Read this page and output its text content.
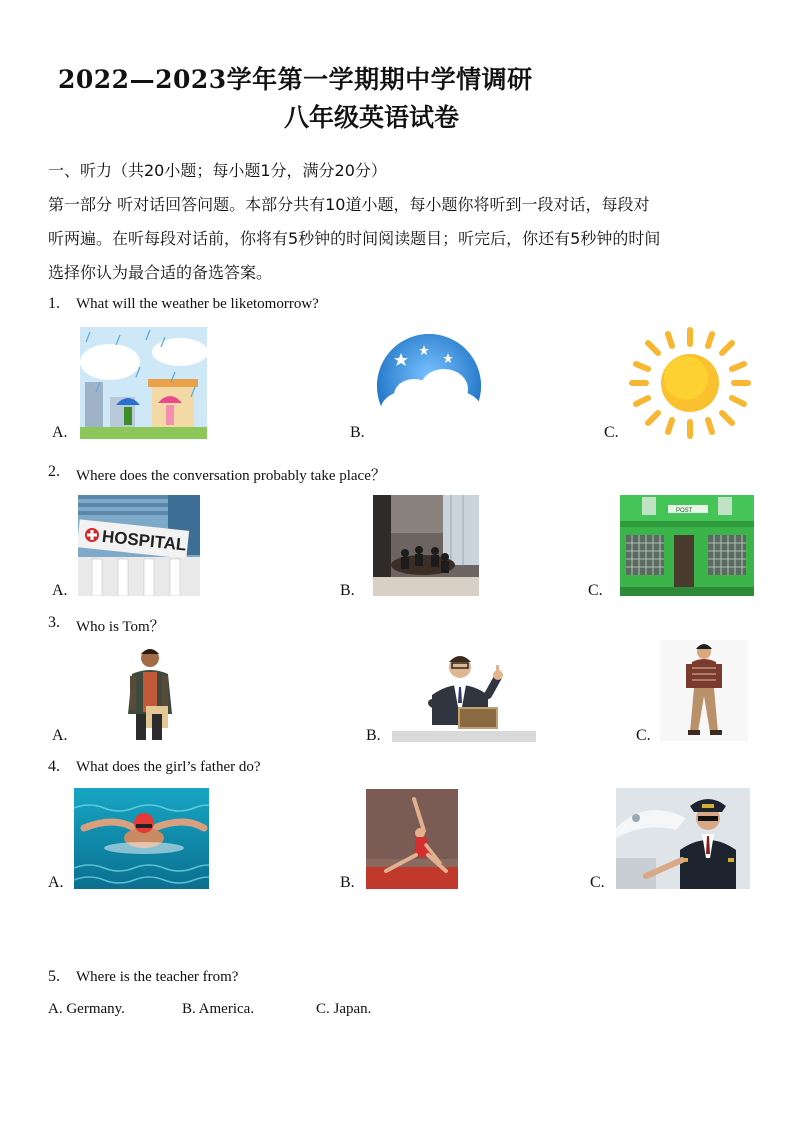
2022—2023学年第一学期期中学情调研
八年级英语试卷
一、听力（共20小题；每小题1分，满分20分）
第一部分 听对话回答问题。本部分共有10道小题，每小题你将听到一段对话，每段对
听两遍。在听每段对话前，你将有5秒钟的时间阅读题目；听完后，你还有5秒钟的时间
选择你认为最合适的备选答案。
1. What will the weather be liketomorrow?
A.	B.	C.
2. Where does the conversation probably take place？
A.
HOSPITAL
B.	C.
POST
3. Who is Tom？
A.	B.	C.
4. What does the girl’s father do?
A.	B.	C.
5. Where is the teacher from?
A. Germany.	B. America.	C. Japan.
